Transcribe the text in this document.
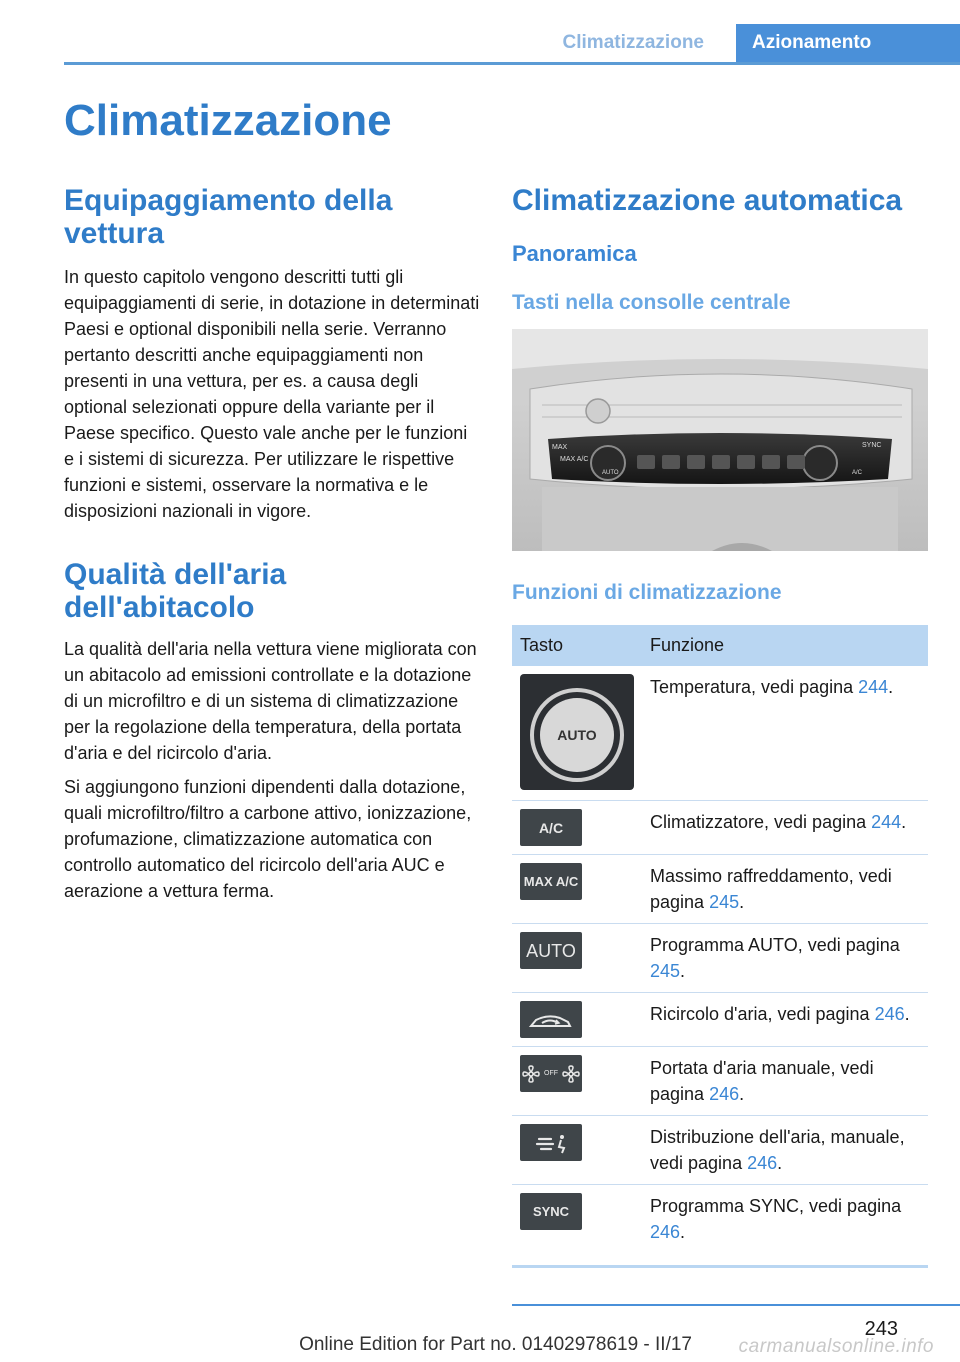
Climatizzazione	Azionamento
Climatizzazione
Equipaggiamento della vettura

In questo capitolo vengono descritti tutti gli equipaggiamenti di serie, in dotazione in determinati Paesi e optional disponibili nella serie. Verranno pertanto descritti anche equipaggiamenti non presenti in una vettura, per es. a causa degli optional selezionati oppure della variante per il Paese specifico. Questo vale anche per le funzioni e i sistemi di sicurezza. Per utilizzare le rispettive funzioni e sistemi, osservare la normativa e le disposizioni nazionali in vigore.

Qualità dell'aria dell'abitacolo

La qualità dell'aria nella vettura viene migliorata con un abitacolo ad emissioni controllate e la dotazione di un microfiltro e di un sistema di climatizzazione per la regolazione della temperatura, della portata d'aria e del ricircolo d'aria.

Si aggiungono funzioni dipendenti dalla dotazione, quali microfiltro/filtro a carbone attivo, ionizzazione, profumazione, climatizzazione automatica con controllo automatico del ricircolo dell'aria AUC e aerazione a vettura ferma.

Climatizzazione automatica
Panoramica
Tasti nella consolle centrale
MAX
MAX A/C
AUTO
SYNC
A/C
Funzioni di climatizzazione
Tasto	Funzione

AUTO	Temperatura, vedi pagina 244.

A/C	Climatizzatore, vedi pagina 244.

MAX A/C	Massimo raffreddamento, vedi pagina 245.

AUTO	Programma AUTO, vedi pagina 245.

	Ricircolo d'aria, vedi pagina 246.

OFF	Portata d'aria manuale, vedi pagina 246.

	Distribuzione dell'aria, manuale, vedi pagina 246.

SYNC	Programma SYNC, vedi pagina 246.
243
Online Edition for Part no. 01402978619 - II/17 carmanualsonline.info
